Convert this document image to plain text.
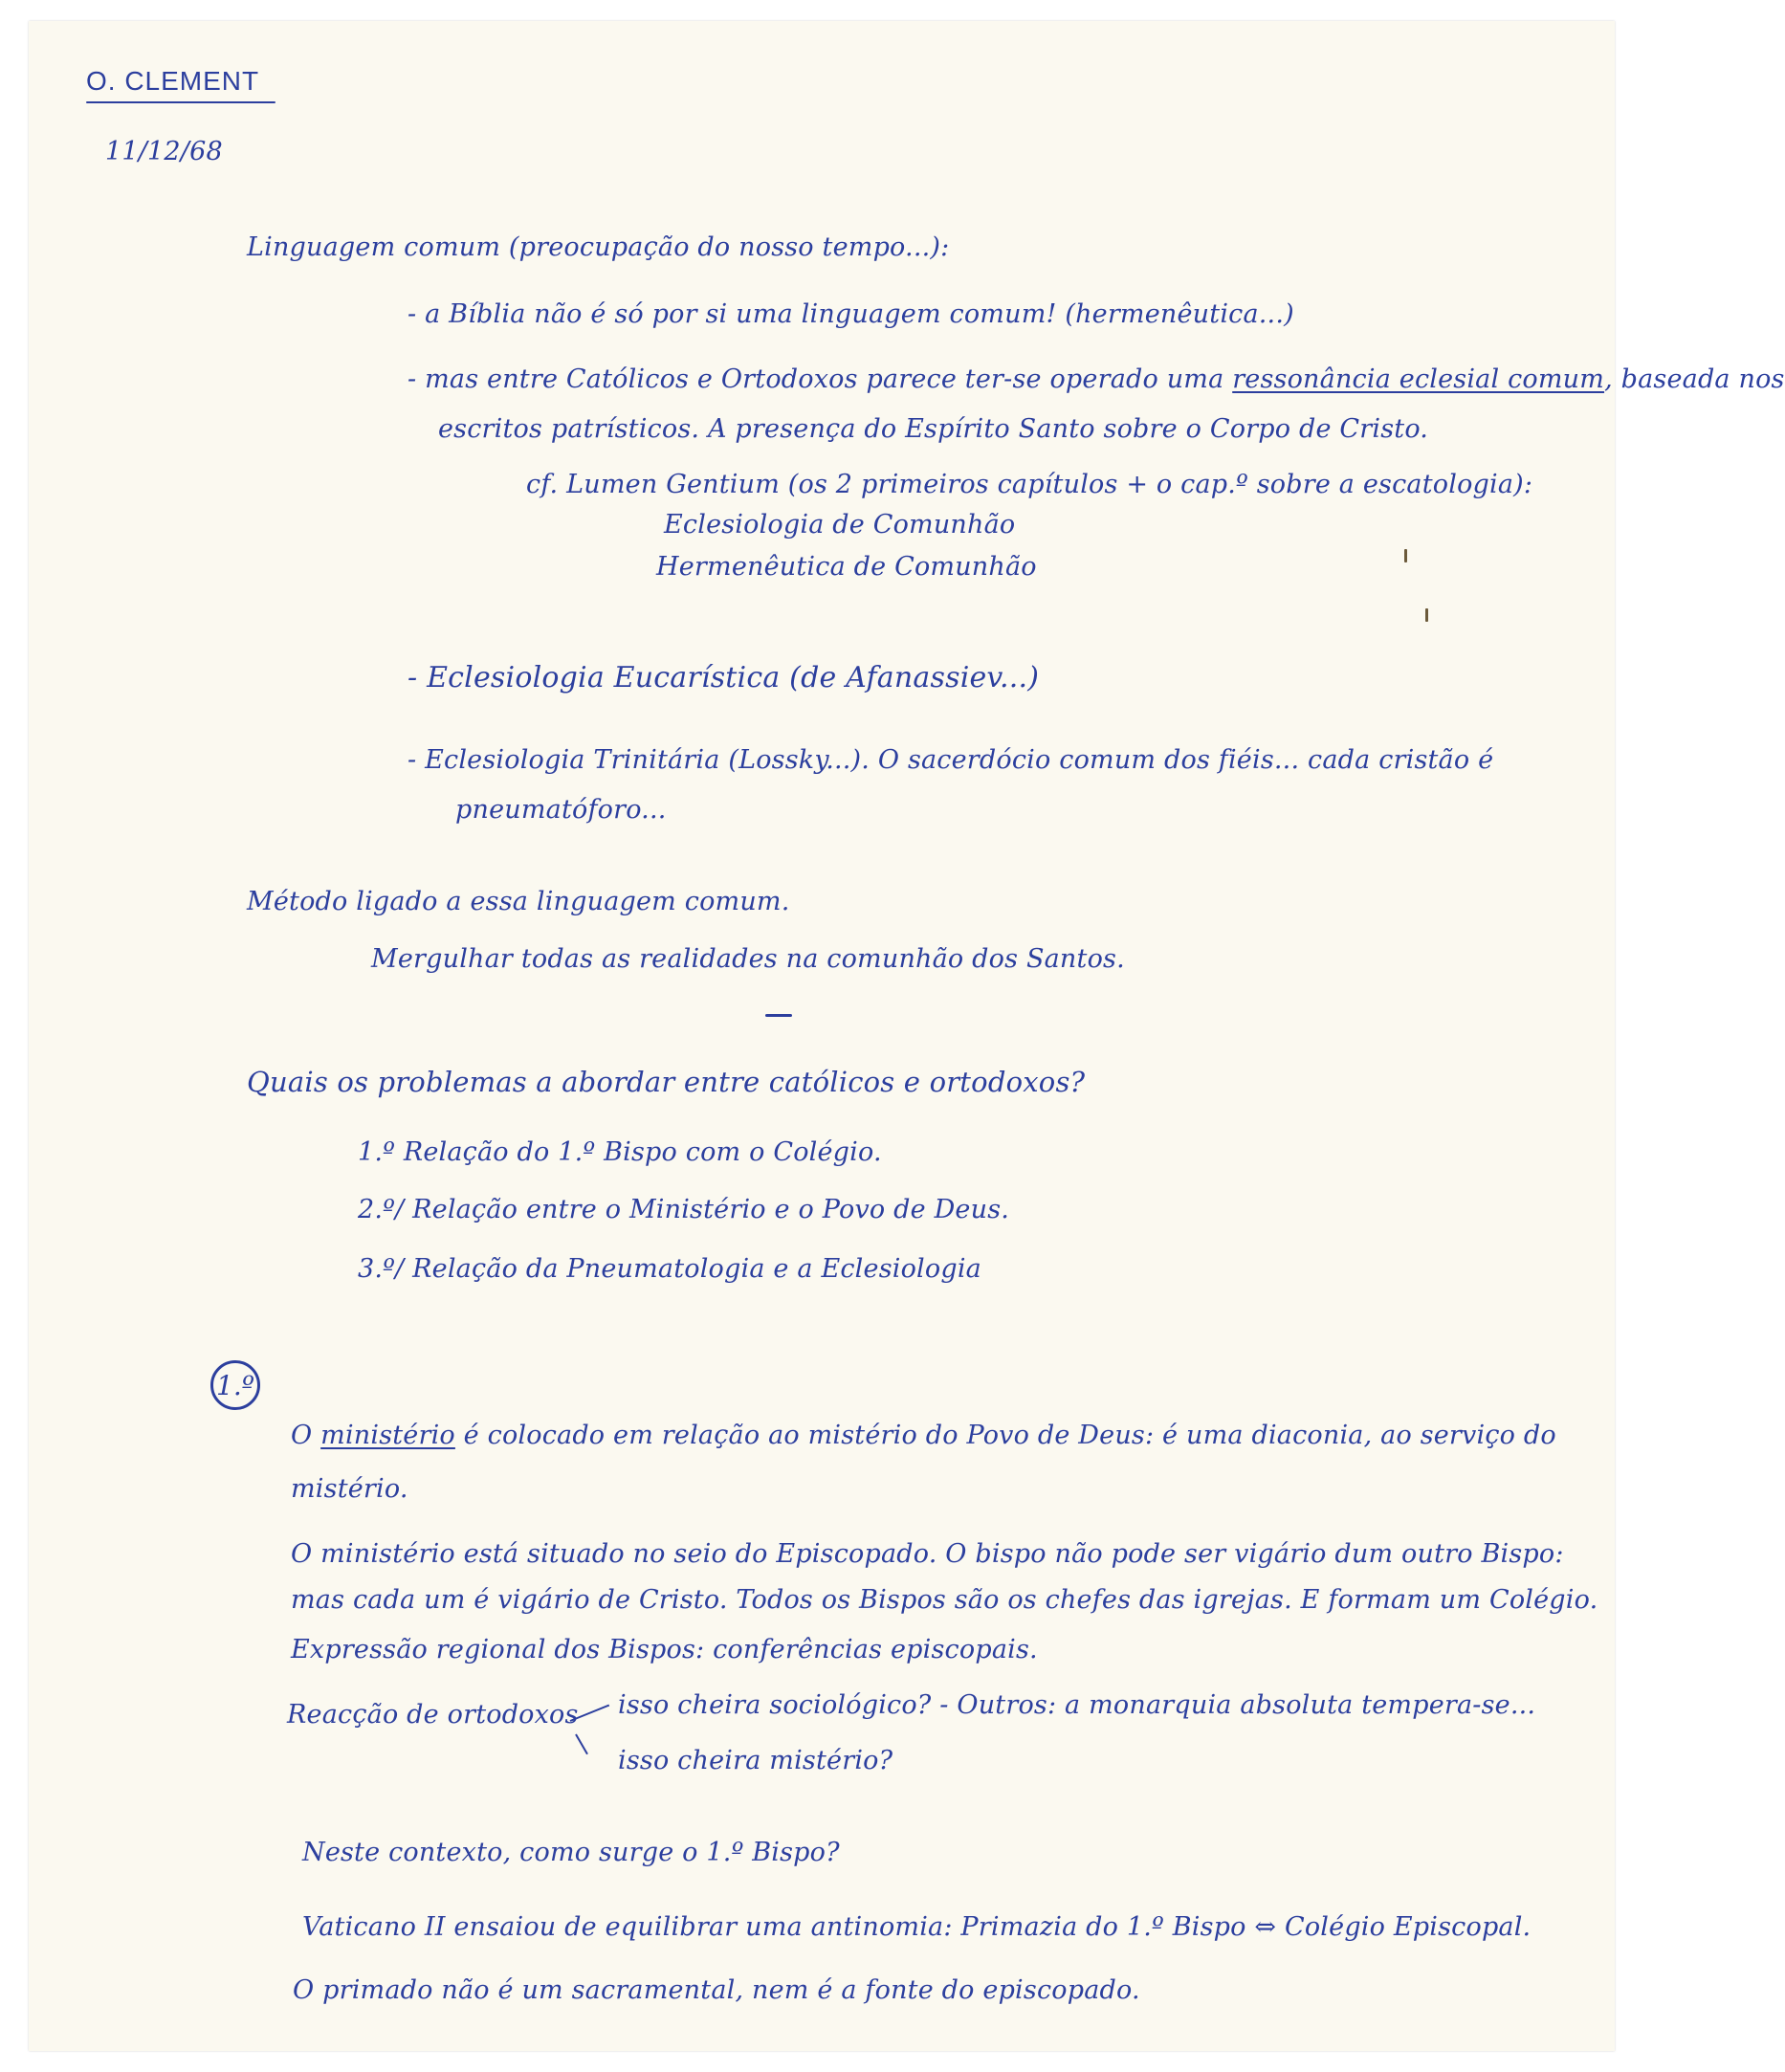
O. CLEMENT
11/12/68
Linguagem comum (preocupação do nosso tempo...):
- a Bíblia não é só por si uma linguagem comum! (hermenêutica...)
- mas entre Católicos e Ortodoxos parece ter-se operado uma ressonância eclesial comum, baseada nos
escritos patrísticos. A presença do Espírito Santo sobre o Corpo de Cristo.
cf. Lumen Gentium (os 2 primeiros capítulos + o cap.º sobre a escatologia):
Eclesiologia de Comunhão
Hermenêutica de Comunhão
- Eclesiologia Eucarística (de Afanassiev...)
- Eclesiologia Trinitária (Lossky...). O sacerdócio comum dos fiéis... cada cristão é
pneumatóforo...
Método ligado a essa linguagem comum.
Mergulhar todas as realidades na comunhão dos Santos.
Quais os problemas a abordar entre católicos e ortodoxos?
1.º Relação do 1.º Bispo com o Colégio.
2.º/ Relação entre o Ministério e o Povo de Deus.
3.º/ Relação da Pneumatologia e a Eclesiologia
1.º
O ministério é colocado em relação ao mistério do Povo de Deus: é uma diaconia, ao serviço do
mistério.
O ministério está situado no seio do Episcopado. O bispo não pode ser vigário dum outro Bispo:
mas cada um é vigário de Cristo. Todos os Bispos são os chefes das igrejas. E formam um Colégio.
Expressão regional dos Bispos: conferências episcopais.
Reacção de ortodoxos isso cheira sociológico? - Outros: a monarquia absoluta tempera-se...
isso cheira mistério?
Neste contexto, como surge o 1.º Bispo?
Vaticano II ensaiou de equilibrar uma antinomia: Primazia do 1.º Bispo ⇔ Colégio Episcopal.
O primado não é um sacramental, nem é a fonte do episcopado.
